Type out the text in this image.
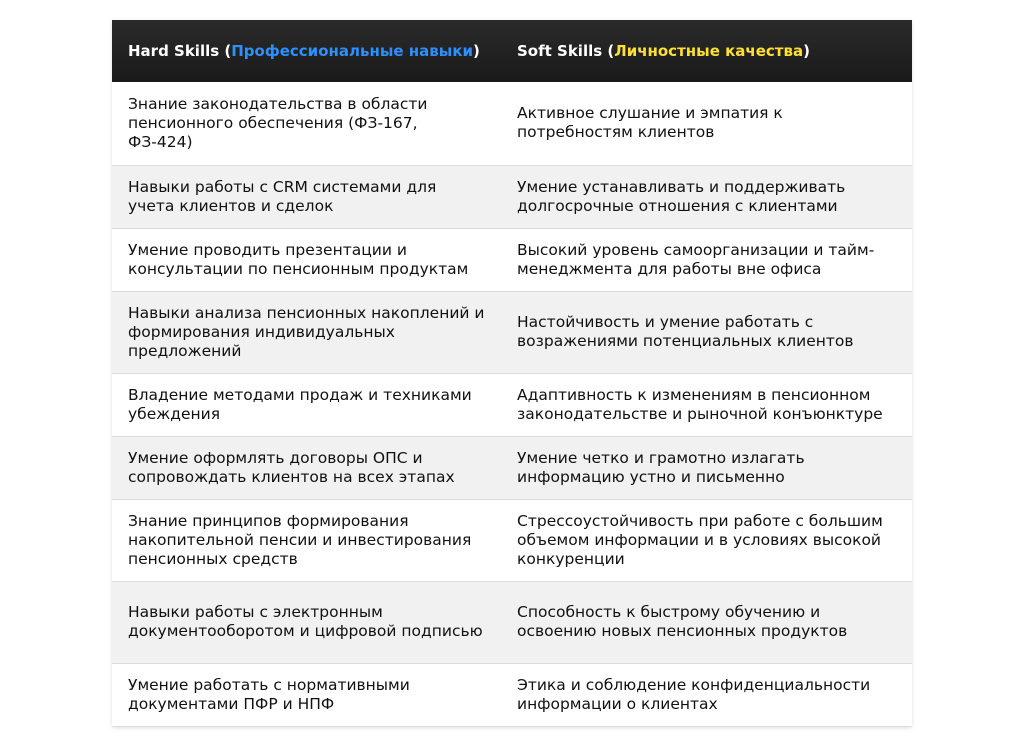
Hard Skills (Профессиональные навыки)	Soft Skills (Личностные качества)
Знание законодательства в области пенсионного обеспечения (ФЗ-167, ФЗ-424)	Активное слушание и эмпатия к потребностям клиентов
Навыки работы с CRM системами для учета клиентов и сделок	Умение устанавливать и поддерживать долгосрочные отношения с клиентами
Умение проводить презентации и консультации по пенсионным продуктам	Высокий уровень самоорганизации и тайм-менеджмента для работы вне офиса
Навыки анализа пенсионных накоплений и формирования индивидуальных предложений	Настойчивость и умение работать с возражениями потенциальных клиентов
Владение методами продаж и техниками убеждения	Адаптивность к изменениям в пенсионном законодательстве и рыночной конъюнктуре
Умение оформлять договоры ОПС и сопровождать клиентов на всех этапах	Умение четко и грамотно излагать информацию устно и письменно
Знание принципов формирования накопительной пенсии и инвестирования пенсионных средств	Стрессоустойчивость при работе с большим объемом информации и в условиях высокой конкуренции
Навыки работы с электронным документооборотом и цифровой подписью	Способность к быстрому обучению и освоению новых пенсионных продуктов
Умение работать с нормативными документами ПФР и НПФ	Этика и соблюдение конфиденциальности информации о клиентах
